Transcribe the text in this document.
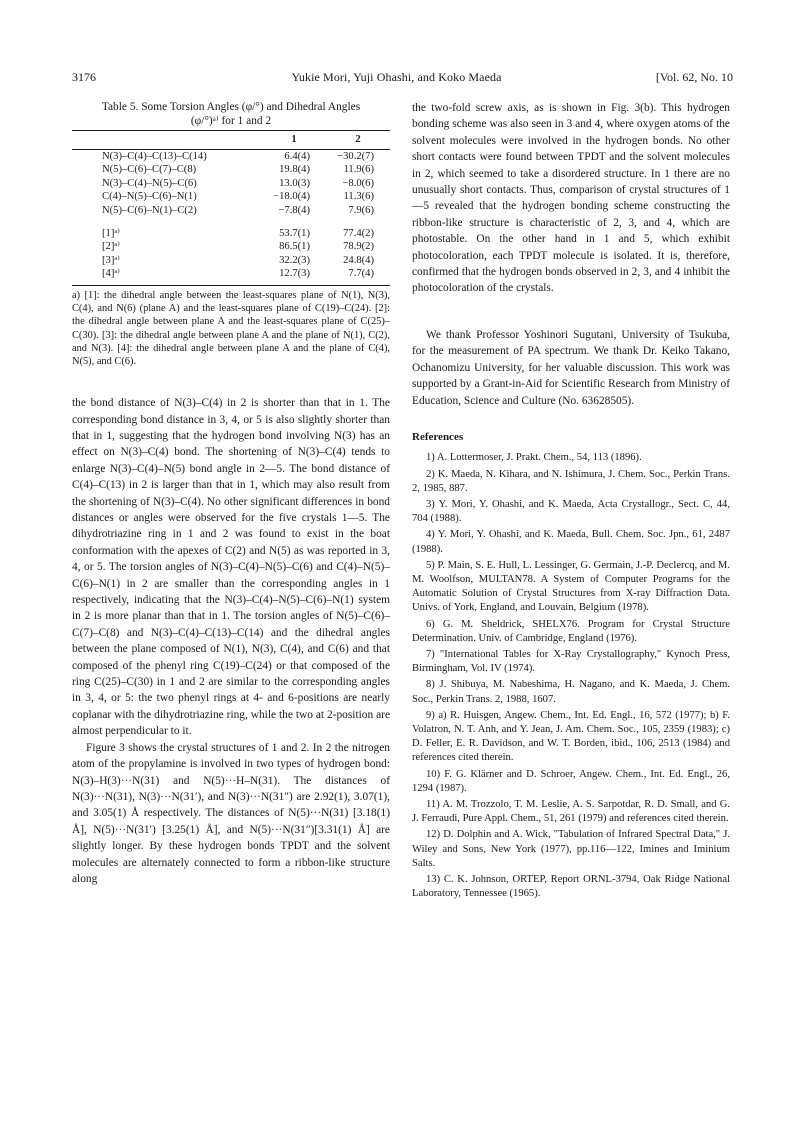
3176	Yukie Mori, Yuji Ohashi, and Koko Maeda	[Vol. 62, No. 10
Table 5. Some Torsion Angles (φ/°) and Dihedral Angles
(φ/°)ᵃ⁾ for 1 and 2
	1	2
N(3)–C(4)–C(13)–C(14)	6.4(4)	−30.2(7)
N(5)–C(6)–C(7)–C(8)	19.8(4)	11.9(6)
N(3)–C(4)–N(5)–C(6)	13.0(3)	−8.0(6)
C(4)–N(5)–C(6)–N(1)	−18.0(4)	11.3(6)
N(5)–C(6)–N(1)–C(2)	−7.8(4)	7.9(6)

[1]ᵃ⁾	53.7(1)	77.4(2)
[2]ᵃ⁾	86.5(1)	78.9(2)
[3]ᵃ⁾	32.2(3)	24.8(4)
[4]ᵃ⁾	12.7(3)	7.7(4)

a) [1]: the dihedral angle between the least-squares plane of N(1), N(3), C(4), and N(6) (plane A) and the least-squares plane of C(19)–C(24). [2]: the dihedral angle between plane A and the least-squares plane of C(25)–C(30). [3]: the dihedral angle between plane A and the plane of N(1), C(2), and N(3). [4]: the dihedral angle between plane A and the plane of C(4), N(5), and C(6).

the bond distance of N(3)–C(4) in 2 is shorter than that in 1. The corresponding bond distance in 3, 4, or 5 is also slightly shorter than that in 1, suggesting that the hydrogen bond involving N(3) has an effect on N(3)–C(4) bond. The shortening of N(3)–C(4) tends to enlarge N(3)–C(4)–N(5) bond angle in 2—5. The bond distance of C(4)–C(13) in 2 is larger than that in 1, which may also result from the shortening of N(3)–C(4). No other significant differences in bond distances or angles were observed for the five crystals 1—5. The dihydrotriazine ring in 1 and 2 was found to exist in the boat conformation with the apexes of C(2) and N(5) as was reported in 3, 4, or 5. The torsion angles of N(3)–C(4)–N(5)–C(6) and C(4)–N(5)–C(6)–N(1) in 2 are smaller than the corresponding angles in 1 respectively, indicating that the N(3)–C(4)–N(5)–C(6)–N(1) system in 2 is more planar than that in 1. The torsion angles of N(5)–C(6)–C(7)–C(8) and N(3)–C(4)–C(13)–C(14) and the dihedral angles between the plane composed of N(1), N(3), C(4), and C(6) and that composed of the phenyl ring C(19)–C(24) or that composed of the ring C(25)–C(30) in 1 and 2 are similar to the corresponding angles in 3, 4, or 5: the two phenyl rings at 4- and 6-positions are nearly coplanar with the dihydrotriazine ring, while the two at 2-position are almost perpendicular to it.

Figure 3 shows the crystal structures of 1 and 2. In 2 the nitrogen atom of the propylamine is involved in two types of hydrogen bond: N(3)–H(3)···N(31) and N(5)···H–N(31). The distances of N(3)···N(31), N(3)···N(31′), and N(3)···N(31″) are 2.92(1), 3.07(1), and 3.05(1) Å respectively. The distances of N(5)···N(31) [3.18(1) Å], N(5)···N(31′) [3.25(1) Å], and N(5)···N(31″)[3.31(1) Å] are slightly longer. By these hydrogen bonds TPDT and the solvent molecules are alternately connected to form a ribbon-like structure along

the two-fold screw axis, as is shown in Fig. 3(b). This hydrogen bonding scheme was also seen in 3 and 4, where oxygen atoms of the solvent molecules were involved in the hydrogen bonds. No other short contacts were found between TPDT and the solvent molecules in 2, which seemed to take a disordered structure. In 1 there are no unusually short contacts. Thus, comparison of crystal structures of 1—5 revealed that the hydrogen bonding scheme constructing the ribbon-like structure is characteristic of 2, 3, and 4, which are photostable. On the other hand in 1 and 5, which exhibit photocoloration, each TPDT molecule is isolated. It is, therefore, confirmed that the hydrogen bonds observed in 2, 3, and 4 inhibit the photocoloration of the crystals.

We thank Professor Yoshinori Sugutani, University of Tsukuba, for the measurement of PA spectrum. We thank Dr. Keiko Takano, Ochanomizu University, for her valuable discussion. This work was supported by a Grant-in-Aid for Scientific Research from Ministry of Education, Science and Culture (No. 63628505).

References

1) A. Lottermoser, J. Prakt. Chem., 54, 113 (1896).

2) K. Maeda, N. Kihara, and N. Ishimura, J. Chem. Soc., Perkin Trans. 2, 1985, 887.

3) Y. Mori, Y. Ohashi, and K. Maeda, Acta Crystallogr., Sect. C, 44, 704 (1988).

4) Y. Mori, Y. Ohashi, and K. Maeda, Bull. Chem. Soc. Jpn., 61, 2487 (1988).

5) P. Main, S. E. Hull, L. Lessinger, G. Germain, J.-P. Declercq, and M. M. Woolfson, MULTAN78. A System of Computer Programs for the Automatic Solution of Crystal Structures from X-ray Diffraction Data. Univs. of York, England, and Louvain, Belgium (1978).

6) G. M. Sheldrick, SHELX76. Program for Crystal Structure Determination. Univ. of Cambridge, England (1976).

7) "International Tables for X-Ray Crystallography," Kynoch Press, Birmingham, Vol. IV (1974).

8) J. Shibuya, M. Nabeshima, H. Nagano, and K. Maeda, J. Chem. Soc., Perkin Trans. 2, 1988, 1607.

9) a) R. Huisgen, Angew. Chem., Int. Ed. Engl., 16, 572 (1977); b) F. Volatron, N. T. Anh, and Y. Jean, J. Am. Chem. Soc., 105, 2359 (1983); c) D. Feller, E. R. Davidson, and W. T. Borden, ibid., 106, 2513 (1984) and references cited therein.

10) F. G. Klärner and D. Schroer, Angew. Chem., Int. Ed. Engl., 26, 1294 (1987).

11) A. M. Trozzolo, T. M. Leslie, A. S. Sarpotdar, R. D. Small, and G. J. Ferraudi, Pure Appl. Chem., 51, 261 (1979) and references cited therein.

12) D. Dolphin and A. Wick, "Tabulation of Infrared Spectral Data," J. Wiley and Sons, New York (1977), pp.116—122, Imines and Iminium Salts.

13) C. K. Johnson, ORTEP, Report ORNL-3794, Oak Ridge National Laboratory, Tennessee (1965).
